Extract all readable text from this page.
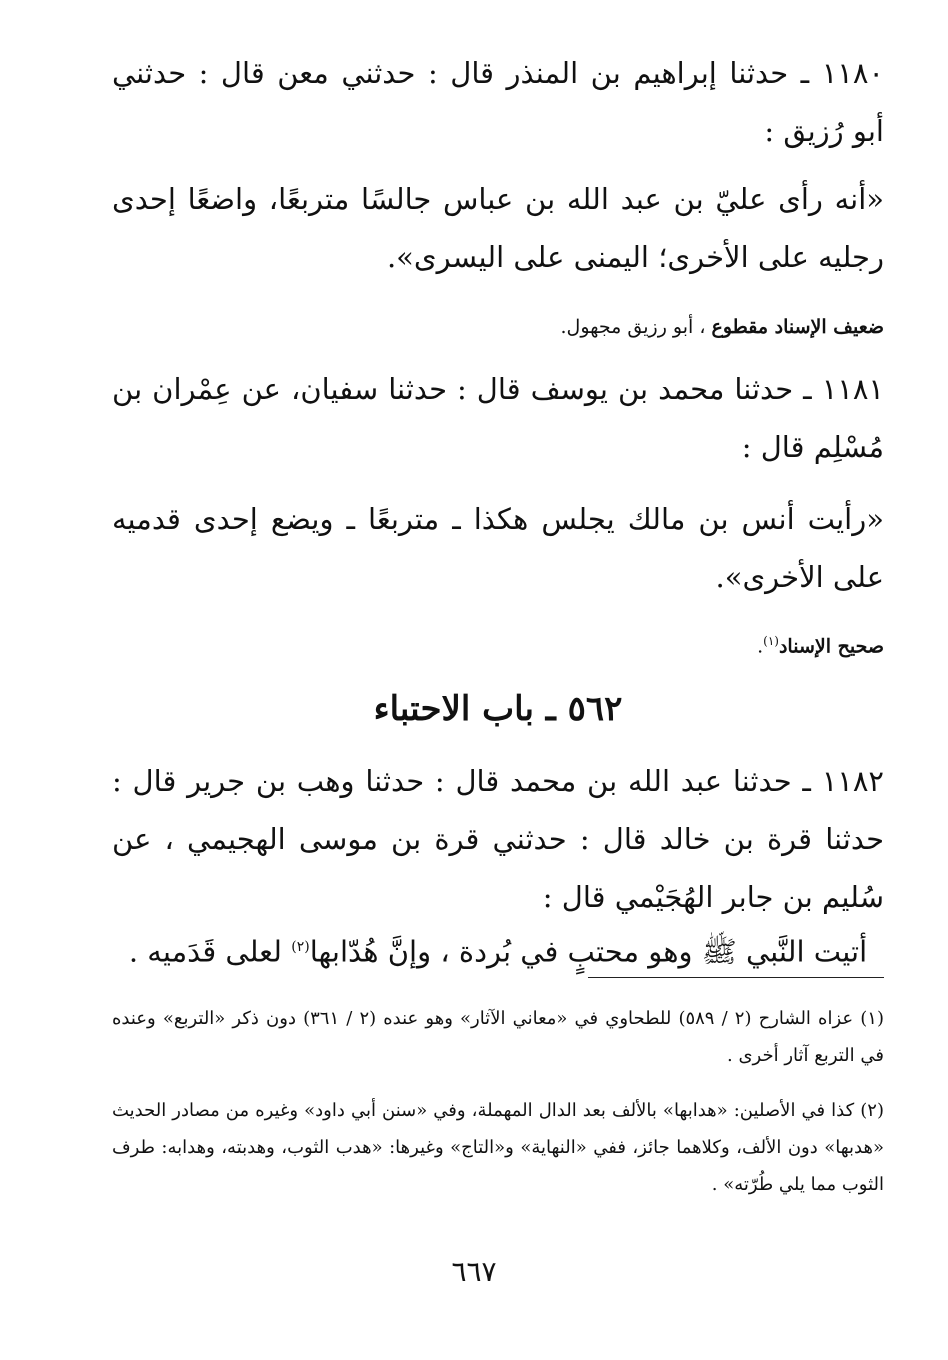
١١٨٠ ـ حدثنا إبراهيم بن المنذر قال : حدثني معن قال : حدثني أبو رُزيق :

«أنه رأى عليّ بن عبد الله بن عباس جالسًا متربعًا، واضعًا إحدى رجليه على الأخرى؛ اليمنى على اليسرى».

ضعيف الإسناد مقطوع ، أبو رزيق مجهول.

١١٨١ ـ حدثنا محمد بن يوسف قال : حدثنا سفيان، عن عِمْران بن مُسْلِم قال :

«رأيت أنس بن مالك يجلس هكذا ـ متربعًا ـ ويضع إحدى قدميه على الأخرى».

صحيح الإسناد$^{(١)}$.

٥٦٢ ـ باب الاحتباء

١١٨٢ ـ حدثنا عبد الله بن محمد قال : حدثنا وهب بن جرير قال : حدثنا قرة بن خالد قال : حدثني قرة بن موسى الهجيمي ، عن سُليم بن جابر الهُجَيْمي قال :

أتيت النَّبي ﷺ وهو محتبٍ في بُردة ، وإنَّ هُدّابها$^{(٢)}$ لعلى قَدَميه .

(١) عزاه الشارح (٢ / ٥٨٩) للطحاوي في «معاني الآثار» وهو عنده (٢ / ٣٦١) دون ذكر «التربع» وعنده في التربع آثار أخرى .

(٢) كذا في الأصلين: «هدابها» بالألف بعد الدال المهملة، وفي «سنن أبي داود» وغيره من مصادر الحديث «هدبها» دون الألف، وكلاهما جائز، ففي «النهاية» و«التاج» وغيرها: «هدب الثوب، وهدبته، وهدابه: طرف الثوب مما يلي طُرّته» .

٦٦٧
